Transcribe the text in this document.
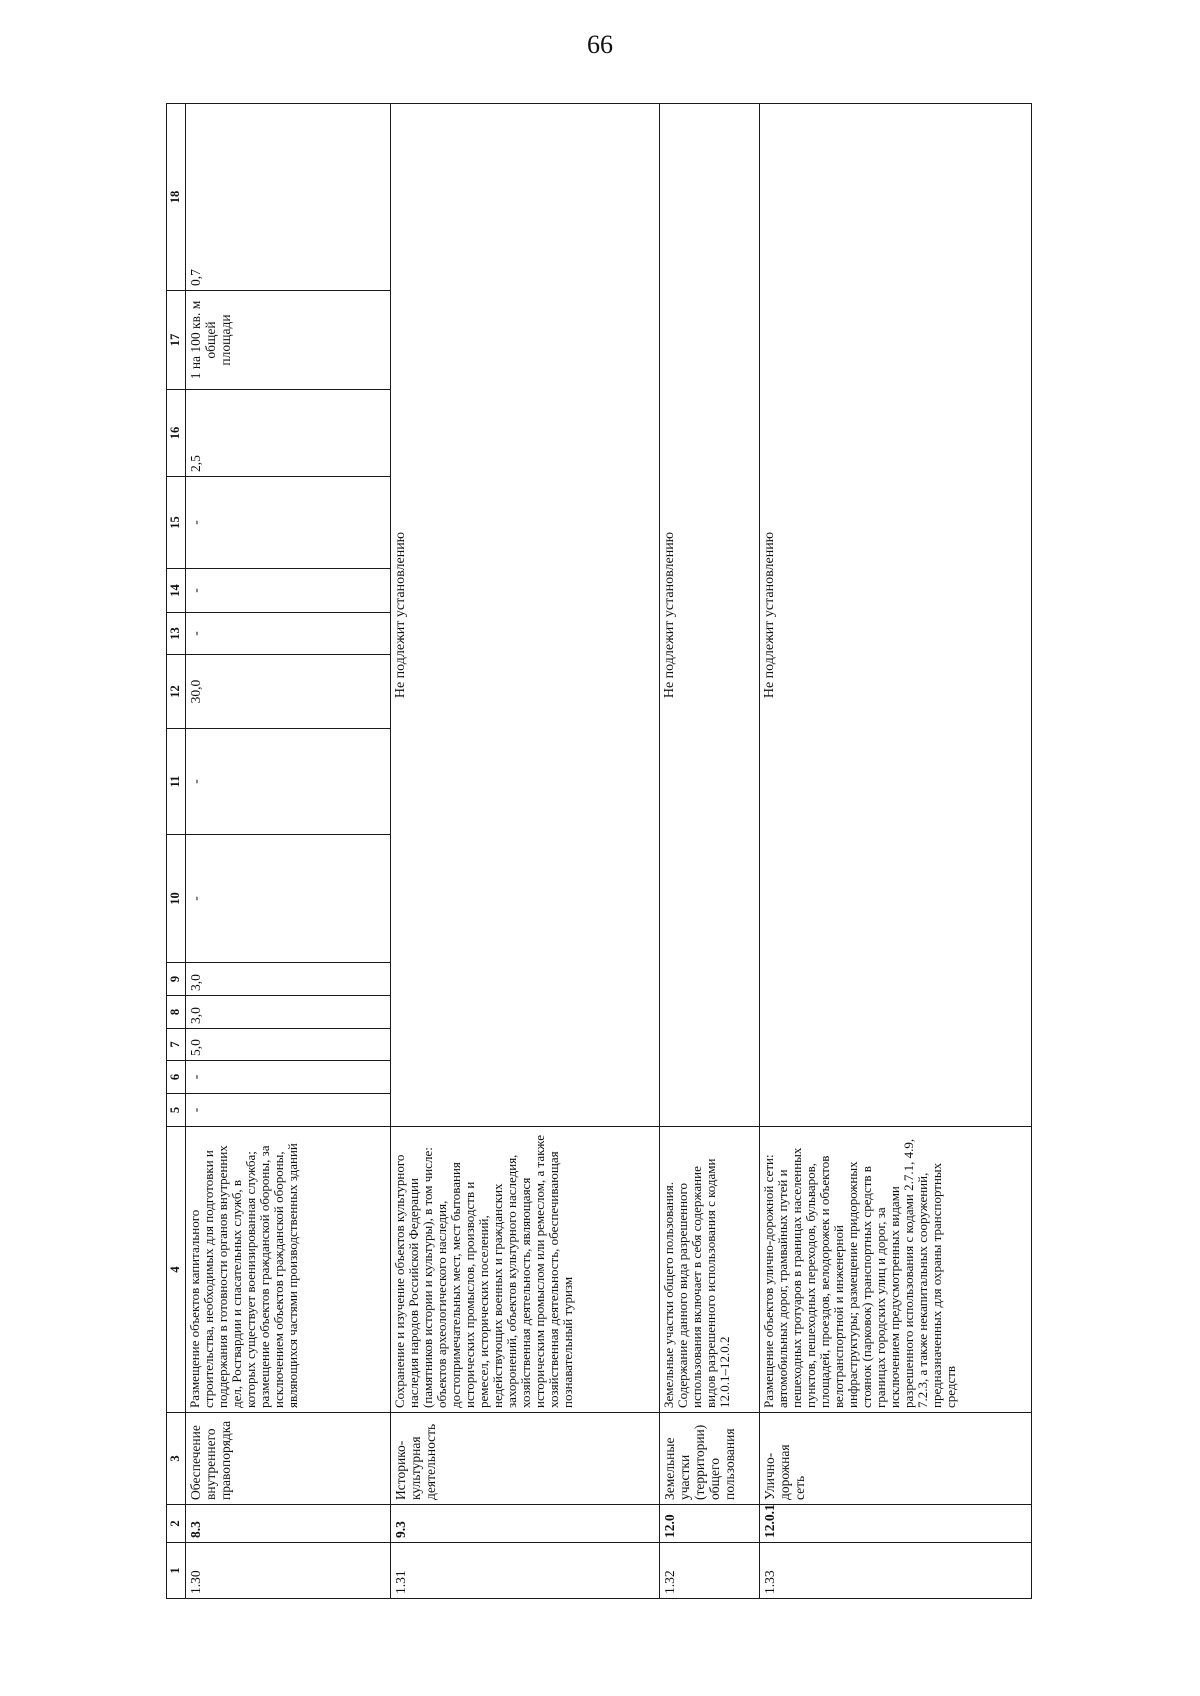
66
1	2	3	4	5	6	7	8	9	10	11	12	13	14	15	16	17	18
1.30	8.3	Обеспечение внутреннего правопорядка	Размещение объектов капитального строительства, необходимых для подготовки и поддержания в готовности органов внутренних дел, Росгвардии и спасательных служб, в которых существует военизированная служба; размещение объектов гражданской обороны, за исключением объектов гражданской обороны, являющихся частями производственных зданий	-	-	5,0	3,0	3,0	-	-	30,0	-	-	-	2,5	1 на 100 кв. м общей площади	0,7
1.31	9.3	Историко-культурная деятельность	Сохранение и изучение объектов культурного наследия народов Российской Федерации (памятников истории и культуры), в том числе: объектов археологического наследия, достопримечательных мест, мест бытования исторических промыслов, производств и ремесел, исторических поселений, недействующих военных и гражданских захоронений, объектов культурного наследия, хозяйственная деятельность, являющаяся историческим промыслом или ремеслом, а также хозяйственная деятельность, обеспечивающая познавательный туризм	Не подлежит установлению													
1.32	12.0	Земельные участки (территории) общего пользования	Земельные участки общего пользования. Содержание данного вида разрешенного использования включает в себя содержание видов разрешенного использования с кодами 12.0.1–12.0.2	Не подлежит установлению													
1.33	12.0.1	Улично-дорожная сеть	Размещение объектов улично-дорожной сети: автомобильных дорог, трамвайных путей и пешеходных тротуаров в границах населенных пунктов, пешеходных переходов, бульваров, площадей, проездов, велодорожек и объектов велотранспортной и инженерной инфраструктуры; размещение придорожных стоянок (парковок) транспортных средств в границах городских улиц и дорог, за исключением предусмотренных видами разрешенного использования с кодами 2.7.1, 4.9, 7.2.3, а также некапитальных сооружений, предназначенных для охраны транспортных средств	Не подлежит установлению													
